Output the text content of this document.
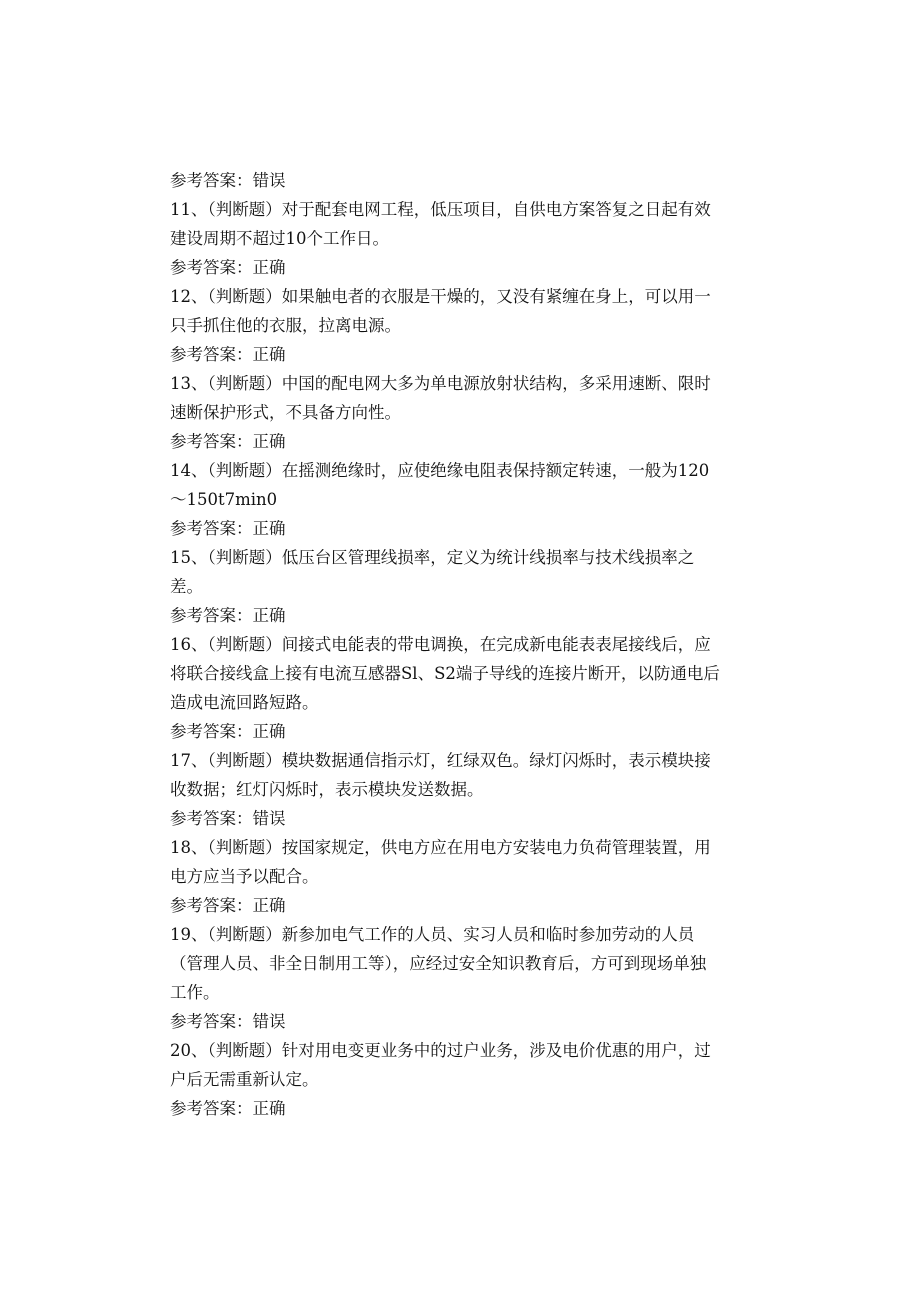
参考答案：错误
11、（判断题）对于配套电网工程，低压项目，自供电方案答复之日起有效
建设周期不超过10个工作日。
参考答案：正确
12、（判断题）如果触电者的衣服是干燥的，又没有紧缠在身上，可以用一
只手抓住他的衣服，拉离电源。
参考答案：正确
13、（判断题）中国的配电网大多为单电源放射状结构，多采用速断、限时
速断保护形式，不具备方向性。
参考答案：正确
14、（判断题）在摇测绝缘时，应使绝缘电阻表保持额定转速，一般为120
～150t7min0
参考答案：正确
15、（判断题）低压台区管理线损率，定义为统计线损率与技术线损率之
差。
参考答案：正确
16、（判断题）间接式电能表的带电调换，在完成新电能表表尾接线后，应
将联合接线盒上接有电流互感器Sl、S2端子导线的连接片断开，以防通电后
造成电流回路短路。
参考答案：正确
17、（判断题）模块数据通信指示灯，红绿双色。绿灯闪烁时，表示模块接
收数据；红灯闪烁时，表示模块发送数据。
参考答案：错误
18、（判断题）按国家规定，供电方应在用电方安装电力负荷管理装置，用
电方应当予以配合。
参考答案：正确
19、（判断题）新参加电气工作的人员、实习人员和临时参加劳动的人员
（管理人员、非全日制用工等），应经过安全知识教育后，方可到现场单独
工作。
参考答案：错误
20、（判断题）针对用电变更业务中的过户业务，涉及电价优惠的用户，过
户后无需重新认定。
参考答案：正确
